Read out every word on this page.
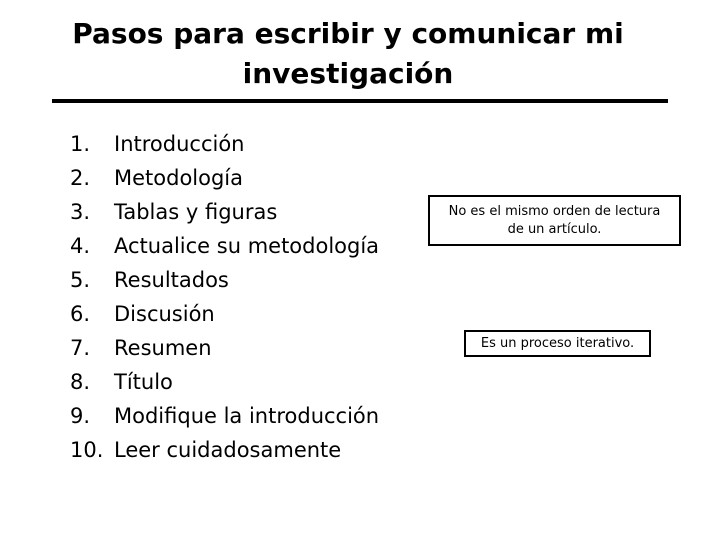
Pasos para escribir y comunicar mi
investigación
1. Introducción
2. Metodología
3. Tablas y figuras
4. Actualice su metodología
5. Resultados
6. Discusión
7. Resumen
8. Título
9. Modifique la introducción
10. Leer cuidadosamente
No es el mismo orden de lectura
de un artículo.
Es un proceso iterativo.
